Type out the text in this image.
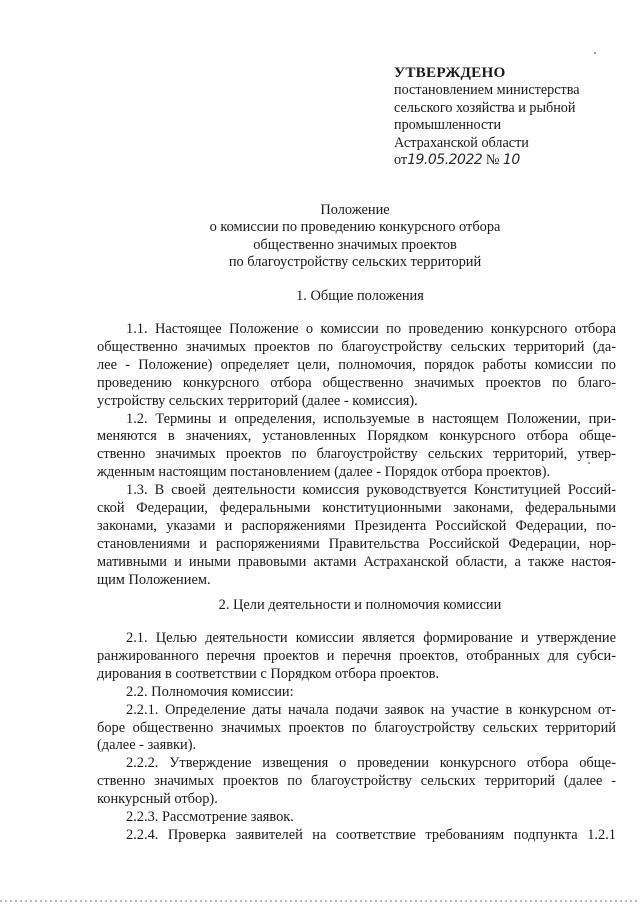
УТВЕРЖДЕНО
постановлением министерства
сельского хозяйства и рыбной
промышленности
Астраханской области
от19.05.2022 № 10
Положение
о комиссии по проведению конкурсного отбора
общественно значимых проектов
по благоустройству сельских территорий
1. Общие положения

1.1. Настоящее Положение о комиссии по проведению конкурсного отбора
общественно значимых проектов по благоустройству сельских территорий (да-
лее - Положение) определяет цели, полномочия, порядок работы комиссии по
проведению конкурсного отбора общественно значимых проектов по благо-
устройству сельских территорий (далее - комиссия).

1.2. Термины и определения, используемые в настоящем Положении, при-
меняются в значениях, установленных Порядком конкурсного отбора обще-
ственно значимых проектов по благоустройству сельских территорий, утвер-
жденным настоящим постановлением (далее - Порядок отбора проектов).

1.3. В своей деятельности комиссия руководствуется Конституцией Россий-
ской Федерации, федеральными конституционными законами, федеральными
законами, указами и распоряжениями Президента Российской Федерации, по-
становлениями и распоряжениями Правительства Российской Федерации, нор-
мативными и иными правовыми актами Астраханской области, а также настоя-
щим Положением.

2. Цели деятельности и полномочия комиссии

2.1. Целью деятельности комиссии является формирование и утверждение
ранжированного перечня проектов и перечня проектов, отобранных для субси-
дирования в соответствии с Порядком отбора проектов.

2.2. Полномочия комиссии:

2.2.1. Определение даты начала подачи заявок на участие в конкурсном от-
боре общественно значимых проектов по благоустройству сельских территорий
(далее - заявки).

2.2.2. Утверждение извещения о проведении конкурсного отбора обще-
ственно значимых проектов по благоустройству сельских территорий (далее -
конкурсный отбор).

2.2.3. Рассмотрение заявок.

2.2.4. Проверка заявителей на соответствие требованиям подпункта 1.2.1
